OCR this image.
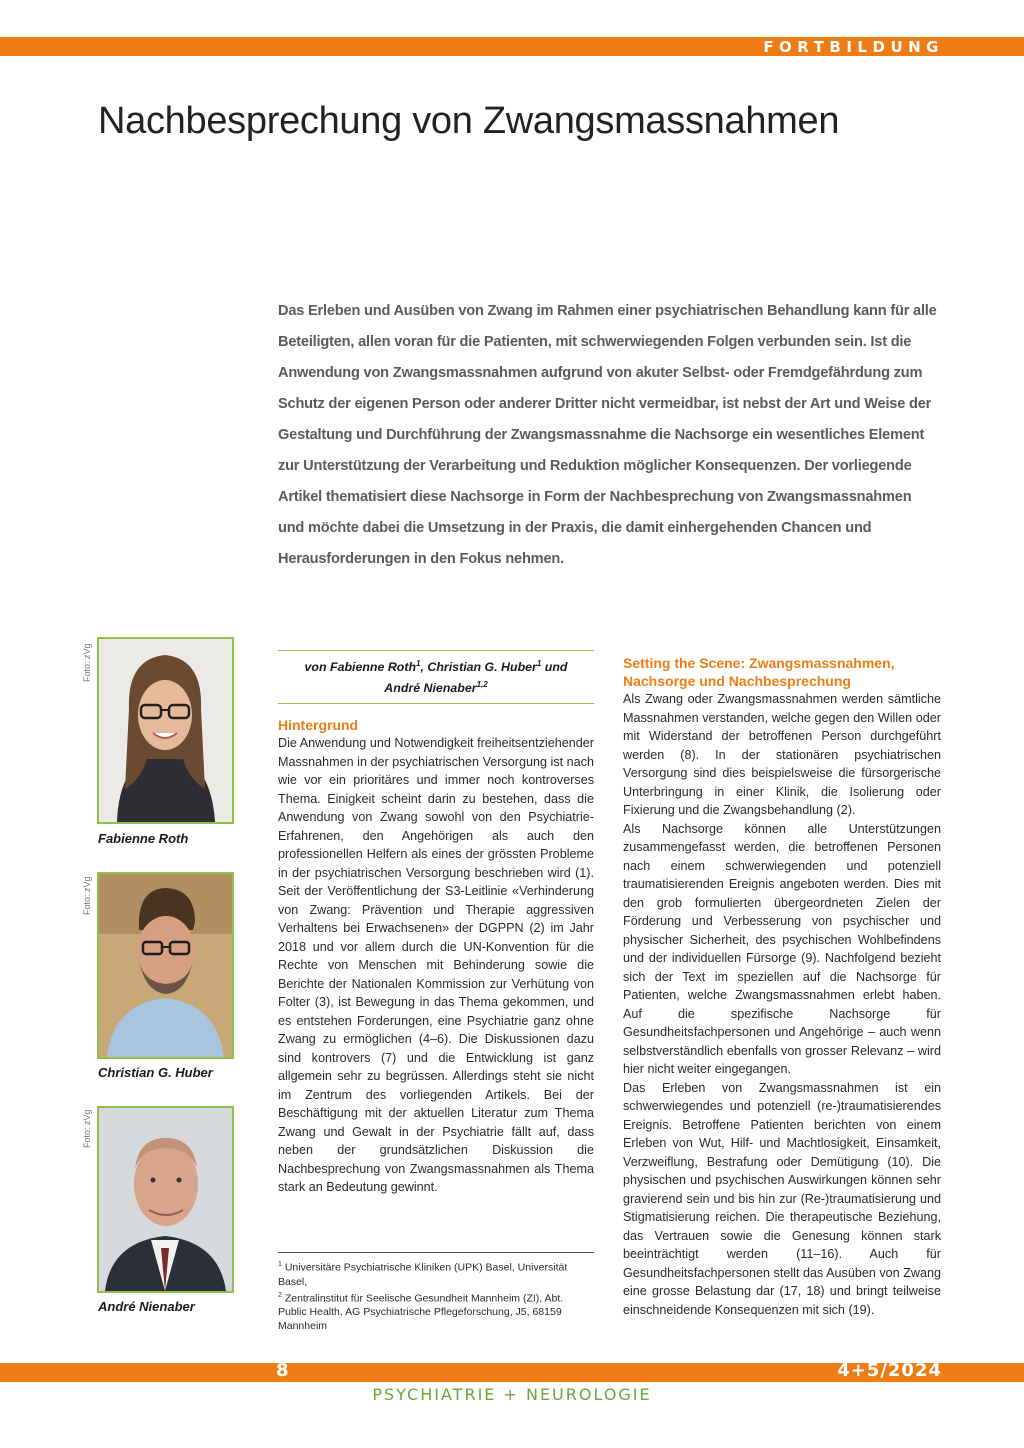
FORTBILDUNG
Nachbesprechung von Zwangsmassnahmen
Das Erleben und Ausüben von Zwang im Rahmen einer psychiatrischen Behandlung kann für alle Beteiligten, allen voran für die Patienten, mit schwerwiegenden Folgen verbunden sein. Ist die Anwendung von Zwangsmassnahmen aufgrund von akuter Selbst- oder Fremdgefährdung zum Schutz der eigenen Person oder anderer Dritter nicht vermeidbar, ist nebst der Art und Weise der Gestaltung und Durchführung der Zwangsmassnahme die Nachsorge ein wesentliches Element zur Unterstützung der Verarbeitung und Reduktion möglicher Konsequenzen. Der vorliegende Artikel thematisiert diese Nachsorge in Form der Nachbesprechung von Zwangsmassnahmen und möchte dabei die Umsetzung in der Praxis, die damit einhergehenden Chancen und Herausforderungen in den Fokus nehmen.
Foto: zVg
Fabienne Roth
Foto: zVg
Christian G. Huber
Foto: zVg
André Nienaber
von Fabienne Roth$^1$, Christian G. Huber$^1$ und
André Nienaber$^{1,2}$
Hintergrund

Die Anwendung und Notwendigkeit freiheitsentziehender Massnahmen in der psychiatrischen Versorgung ist nach wie vor ein prioritäres und immer noch kontroverses Thema. Einigkeit scheint darin zu bestehen, dass die Anwendung von Zwang sowohl von den Psychiatrie-Erfahrenen, den Angehörigen als auch den professionellen Helfern als eines der grössten Probleme in der psychiatrischen Versorgung beschrieben wird (1). Seit der Veröffentlichung der S3-Leitlinie «Verhinderung von Zwang: Prävention und Therapie aggressiven Verhaltens bei Erwachsenen» der DGPPN (2) im Jahr 2018 und vor allem durch die UN-Konvention für die Rechte von Menschen mit Behinderung sowie die Berichte der Nationalen Kommission zur Verhütung von Folter (3), ist Bewegung in das Thema gekommen, und es entstehen Forderungen, eine Psychiatrie ganz ohne Zwang zu ermöglichen (4–6). Die Diskussionen dazu sind kontrovers (7) und die Entwicklung ist ganz allgemein sehr zu begrüssen. Allerdings steht sie nicht im Zentrum des vorliegenden Artikels. Bei der Beschäftigung mit der aktuellen Literatur zum Thema Zwang und Gewalt in der Psychiatrie fällt auf, dass neben der grundsätzlichen Diskussion die Nachbesprechung von Zwangsmassnahmen als Thema stark an Bedeutung gewinnt.

$^1$ Universitäre Psychiatrische Kliniken (UPK) Basel, Universität Basel,
$^2$ Zentralinstitut für Seelische Gesundheit Mannheim (ZI), Abt. Public Health, AG Psychiatrische Pflegeforschung, J5, 68159 Mannheim
Setting the Scene: Zwangsmassnahmen, Nachsorge und Nachbesprechung

Als Zwang oder Zwangsmassnahmen werden sämtliche Massnahmen verstanden, welche gegen den Willen oder mit Widerstand der betroffenen Person durchgeführt werden (8). In der stationären psychiatrischen Versorgung sind dies beispielsweise die fürsorgerische Unterbringung in einer Klinik, die Isolierung oder Fixierung und die Zwangsbehandlung (2).

Als Nachsorge können alle Unterstützungen zusammengefasst werden, die betroffenen Personen nach einem schwerwiegenden und potenziell traumatisierenden Ereignis angeboten werden. Dies mit den grob formulierten übergeordneten Zielen der Förderung und Verbesserung von psychischer und physischer Sicherheit, des psychischen Wohlbefindens und der individuellen Fürsorge (9). Nachfolgend bezieht sich der Text im speziellen auf die Nachsorge für Patienten, welche Zwangsmassnahmen erlebt haben. Auf die spezifische Nachsorge für Gesundheitsfachpersonen und Angehörige – auch wenn selbstverständlich ebenfalls von grosser Relevanz – wird hier nicht weiter eingegangen.

Das Erleben von Zwangsmassnahmen ist ein schwerwiegendes und potenziell (re-)traumatisierendes Ereignis. Betroffene Patienten berichten von einem Erleben von Wut, Hilf- und Machtlosigkeit, Einsamkeit, Verzweiflung, Bestrafung oder Demütigung (10). Die physischen und psychischen Auswirkungen können sehr gravierend sein und bis hin zur (Re-)traumatisierung und Stigmatisierung reichen. Die therapeutische Beziehung, das Vertrauen sowie die Genesung können stark beeinträchtigt werden (11–16). Auch für Gesundheitsfachpersonen stellt das Ausüben von Zwang eine grosse Belastung dar (17, 18) und bringt teilweise einschneidende Konsequenzen mit sich (19).

8	4+5/2024
PSYCHIATRIE + NEUROLOGIE
